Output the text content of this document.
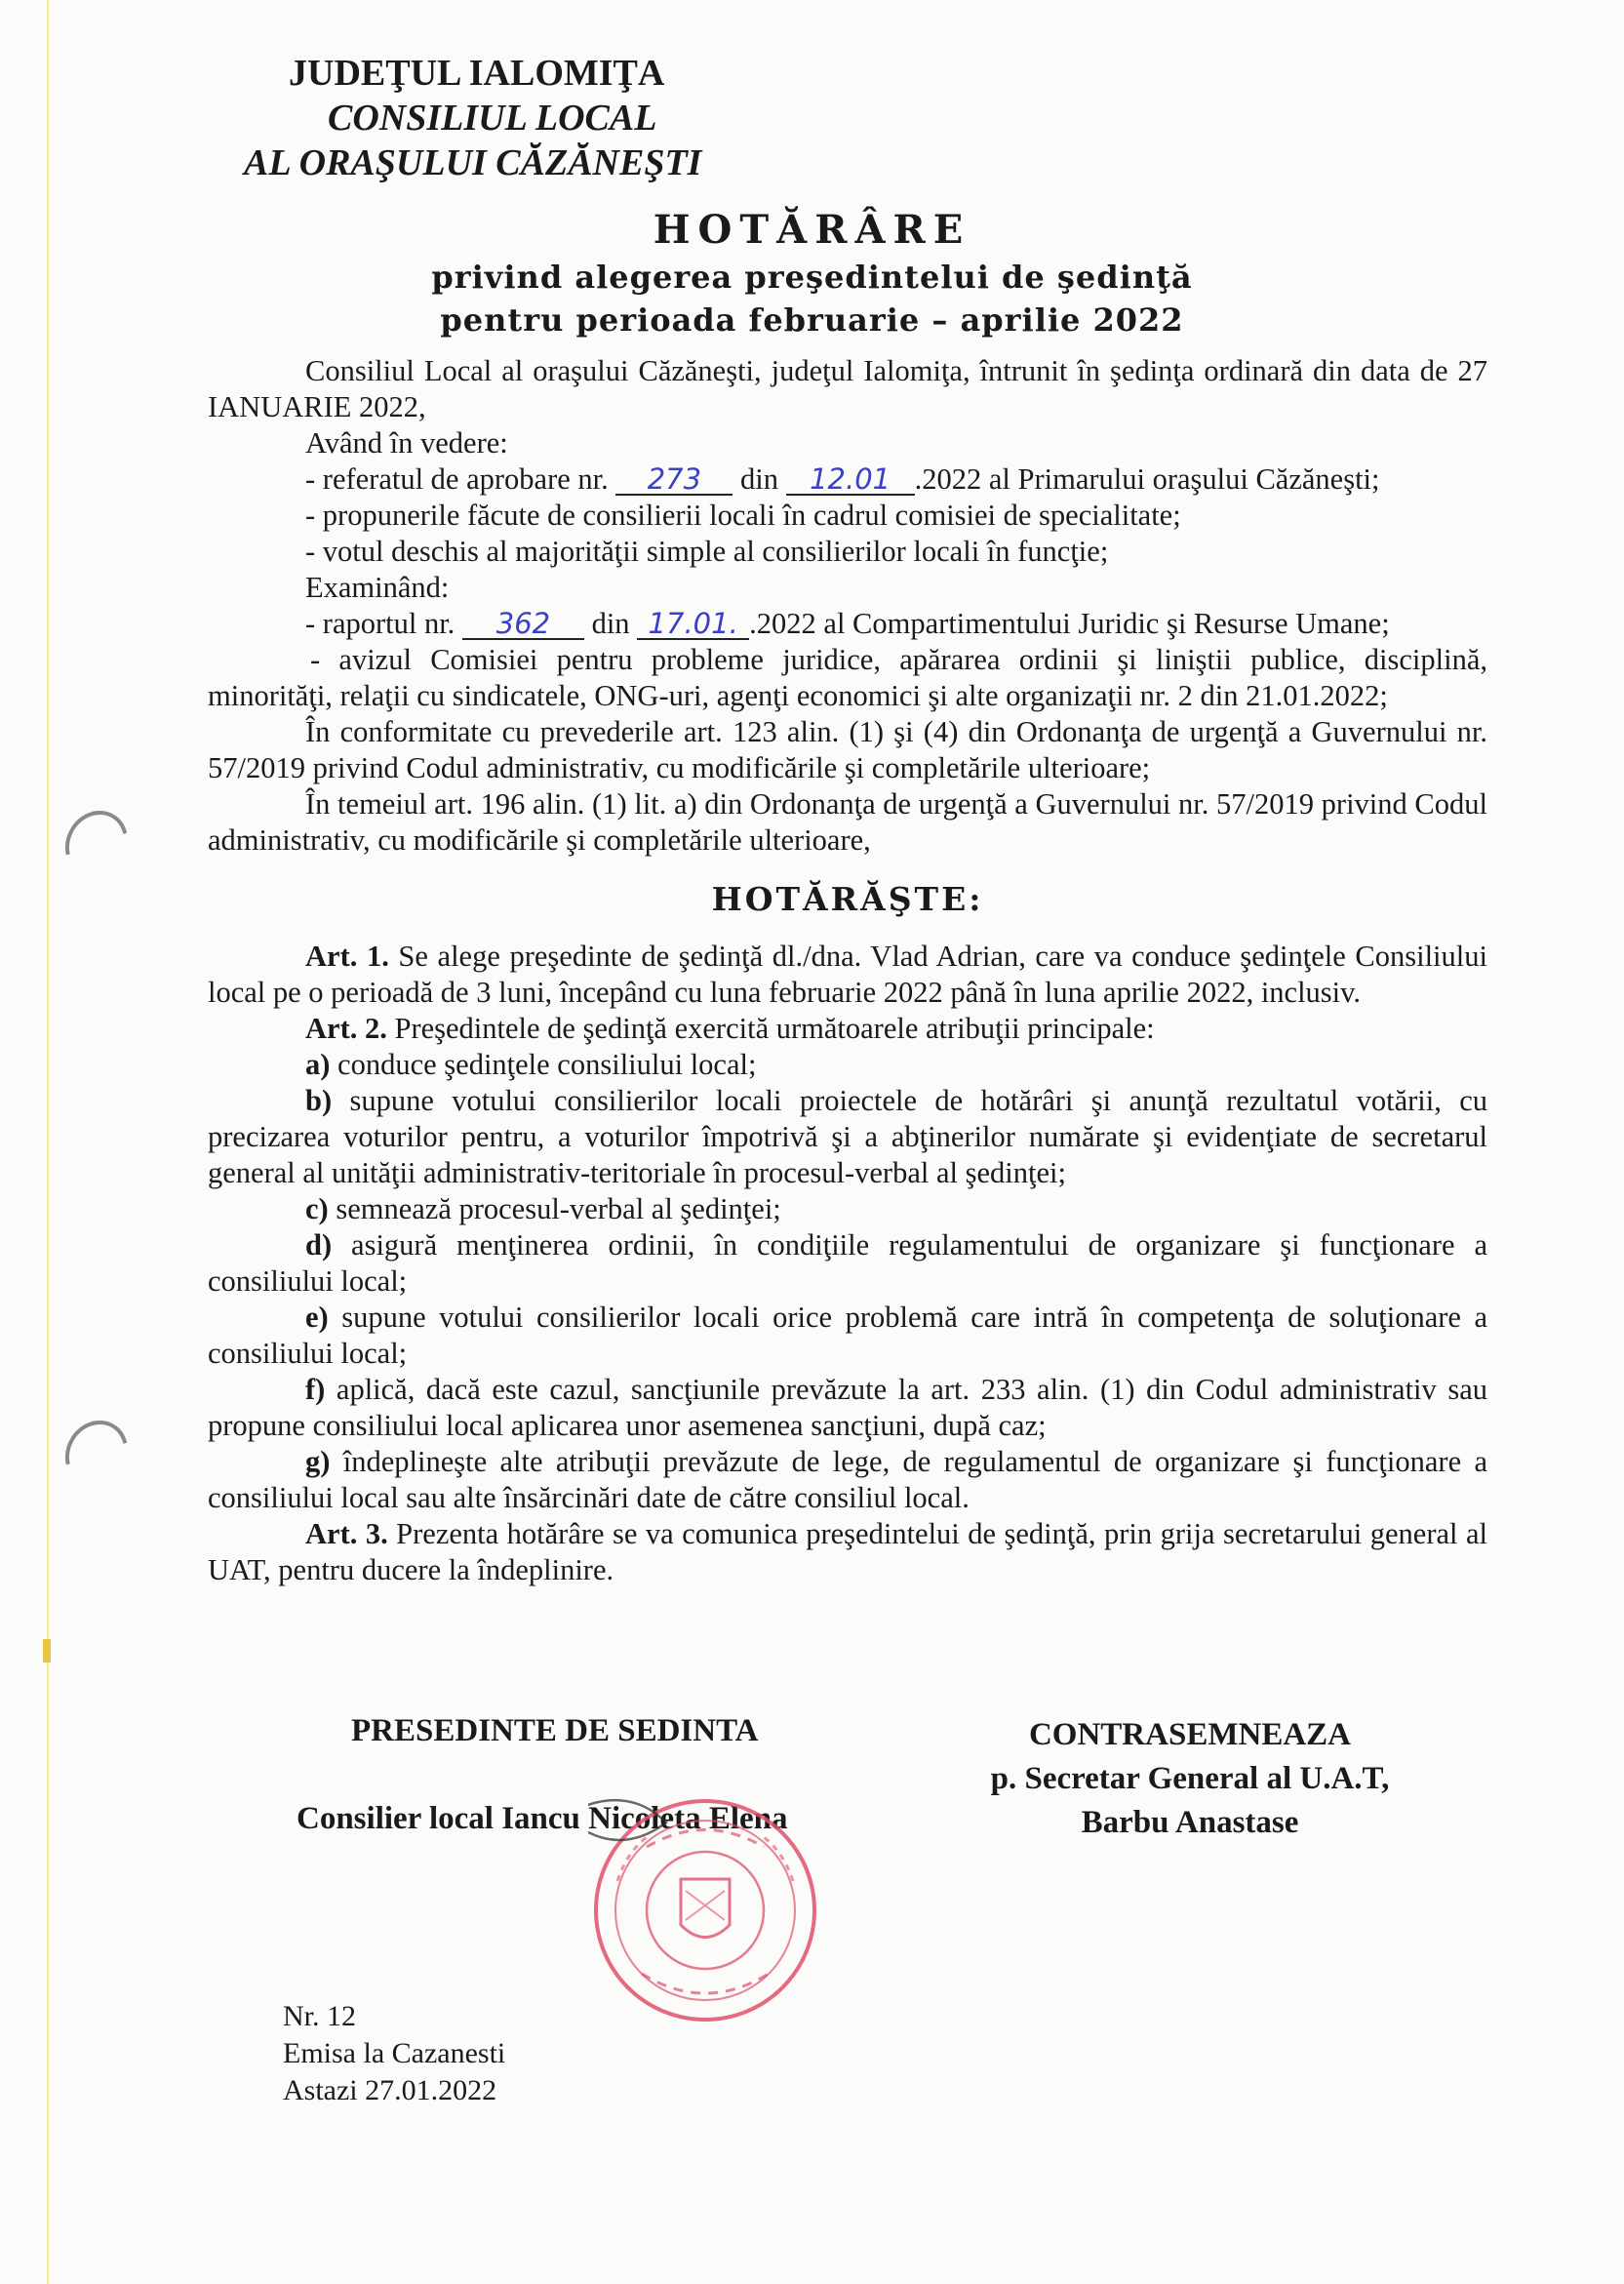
JUDEŢUL IALOMIŢA
CONSILIUL LOCAL
AL ORAŞULUI CĂZĂNEŞTI
HOTĂRÂRE
privind alegerea preşedintelui de şedinţă
pentru perioada februarie – aprilie 2022

Consiliul Local al oraşului Căzăneşti, judeţul Ialomiţa, întrunit în şedinţa ordinară din data de 27 IANUARIE 2022,

Având în vedere:

- referatul de aprobare nr. 273 din 12.01 .2022 al Primarului oraşului Căzăneşti;

- propunerile făcute de consilierii locali în cadrul comisiei de specialitate;

- votul deschis al majorităţii simple al consilierilor locali în funcţie;

Examinând:

- raportul nr. 362 din 17.01. .2022 al Compartimentului Juridic şi Resurse Umane;

- avizul Comisiei pentru probleme juridice, apărarea ordinii şi liniştii publice, disciplină, minorităţi, relaţii cu sindicatele, ONG-uri, agenţi economici şi alte organizaţii nr. 2 din 21.01.2022;

În conformitate cu prevederile art. 123 alin. (1) şi (4) din Ordonanţa de urgenţă a Guvernului nr. 57/2019 privind Codul administrativ, cu modificările şi completările ulterioare;

În temeiul art. 196 alin. (1) lit. a) din Ordonanţa de urgenţă a Guvernului nr. 57/2019 privind Codul administrativ, cu modificările şi completările ulterioare,

HOTĂRĂŞTE:

Art. 1. Se alege preşedinte de şedinţă dl./dna. Vlad Adrian, care va conduce şedinţele Consiliului local pe o perioadă de 3 luni, începând cu luna februarie 2022 până în luna aprilie 2022, inclusiv.

Art. 2. Preşedintele de şedinţă exercită următoarele atribuţii principale:

a) conduce şedinţele consiliului local;

b) supune votului consilierilor locali proiectele de hotărâri şi anunţă rezultatul votării, cu precizarea voturilor pentru, a voturilor împotrivă şi a abţinerilor numărate şi evidenţiate de secretarul general al unităţii administrativ-teritoriale în procesul-verbal al şedinţei;

c) semnează procesul-verbal al şedinţei;

d) asigură menţinerea ordinii, în condiţiile regulamentului de organizare şi funcţionare a consiliului local;

e) supune votului consilierilor locali orice problemă care intră în competenţa de soluţionare a consiliului local;

f) aplică, dacă este cazul, sancţiunile prevăzute la art. 233 alin. (1) din Codul administrativ sau propune consiliului local aplicarea unor asemenea sancţiuni, după caz;

g) îndeplineşte alte atribuţii prevăzute de lege, de regulamentul de organizare şi funcţionare a consiliului local sau alte însărcinări date de către consiliul local.

Art. 3. Prezenta hotărâre se va comunica preşedintelui de şedinţă, prin grija secretarului general al UAT, pentru ducere la îndeplinire.

PRESEDINTE DE SEDINTA
Consilier local Iancu Nicoleta Elena
CONTRASEMNEAZA
p. Secretar General al U.A.T,
Barbu Anastase
Nr. 12
Emisa la Cazanesti
Astazi 27.01.2022
